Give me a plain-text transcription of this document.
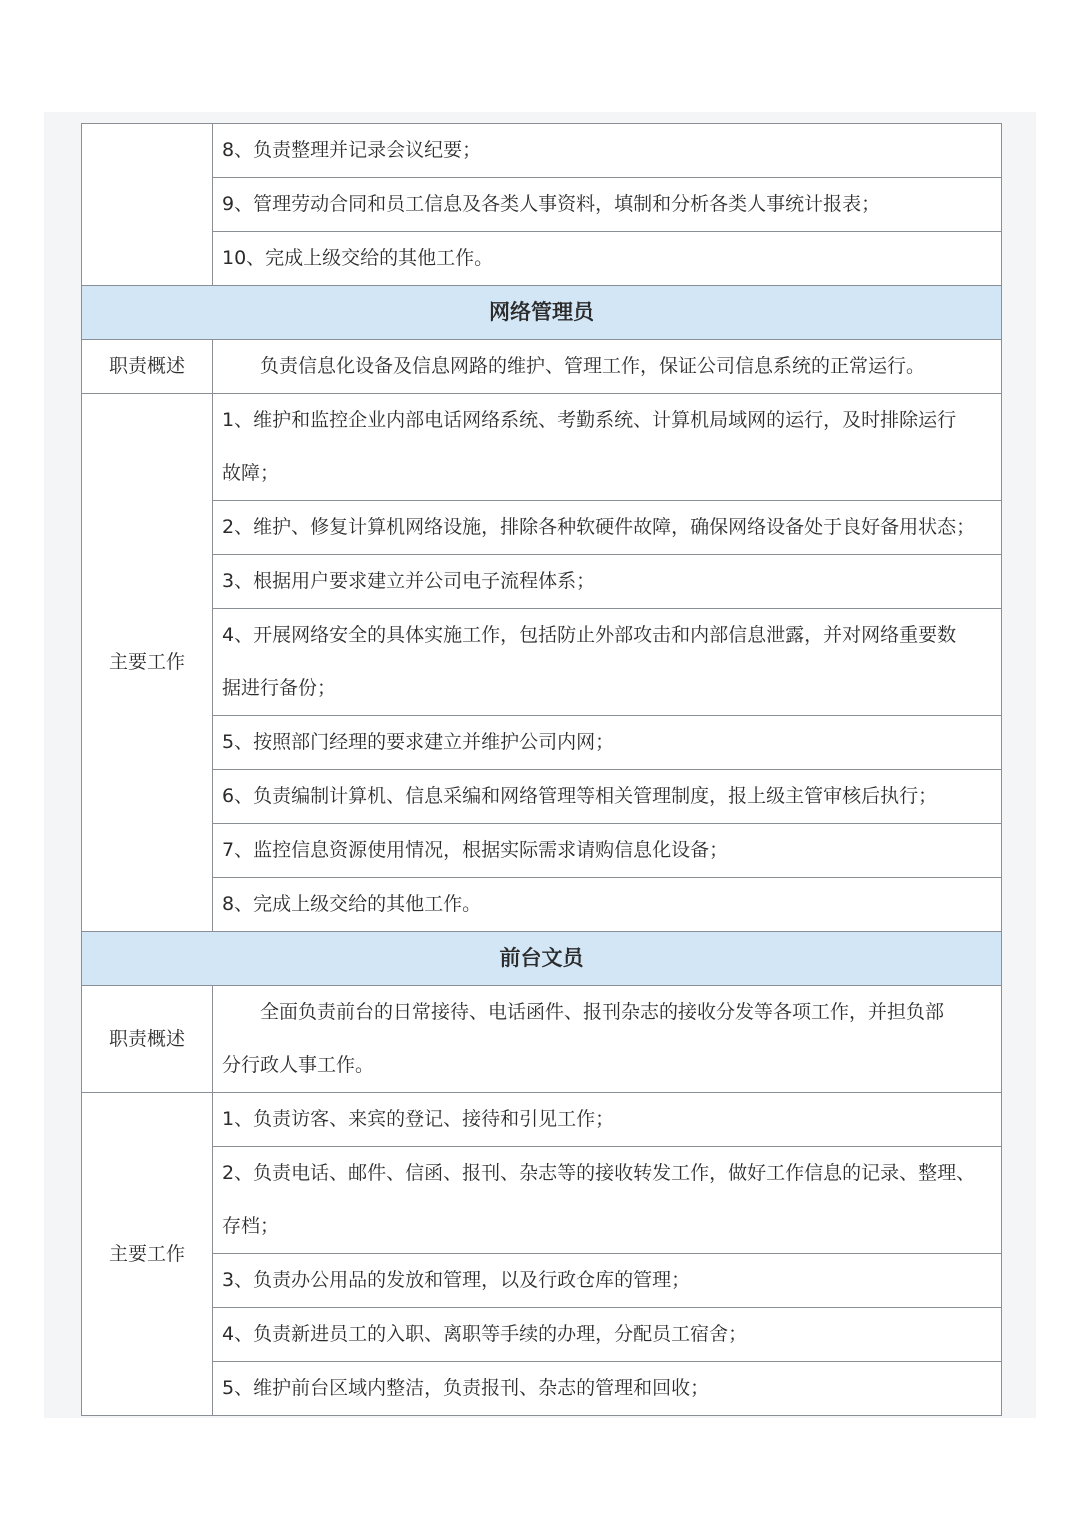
	8、负责整理并记录会议纪要；
	9、管理劳动合同和员工信息及各类人事资料，填制和分析各类人事统计报表；
	10、完成上级交给的其他工作。
网络管理员	
职责概述	负责信息化设备及信息网路的维护、管理工作，保证公司信息系统的正常运行。
主要工作	1、维护和监控企业内部电话网络系统、考勤系统、计算机局域网的运行，及时排除运行
故障；

	2、维护、修复计算机网络设施，排除各种软硬件故障，确保网络设备处于良好备用状态；
	3、根据用户要求建立并公司电子流程体系；

	4、开展网络安全的具体实施工作，包括防止外部攻击和内部信息泄露，并对网络重要数
据进行备份；

	5、按照部门经理的要求建立并维护公司内网；
	6、负责编制计算机、信息采编和网络管理等相关管理制度，报上级主管审核后执行；
	7、监控信息资源使用情况，根据实际需求请购信息化设备；
	8、完成上级交给的其他工作。
前台文员	
职责概述	全面负责前台的日常接待、电话函件、报刊杂志的接收分发等各项工作，并担负部
分行政人事工作。

主要工作	1、负责访客、来宾的登记、接待和引见工作；

	2、负责电话、邮件、信函、报刊、杂志等的接收转发工作，做好工作信息的记录、整理、
存档；

	3、负责办公用品的发放和管理，以及行政仓库的管理；
	4、负责新进员工的入职、离职等手续的办理，分配员工宿舍；
	5、维护前台区域内整洁，负责报刊、杂志的管理和回收；
